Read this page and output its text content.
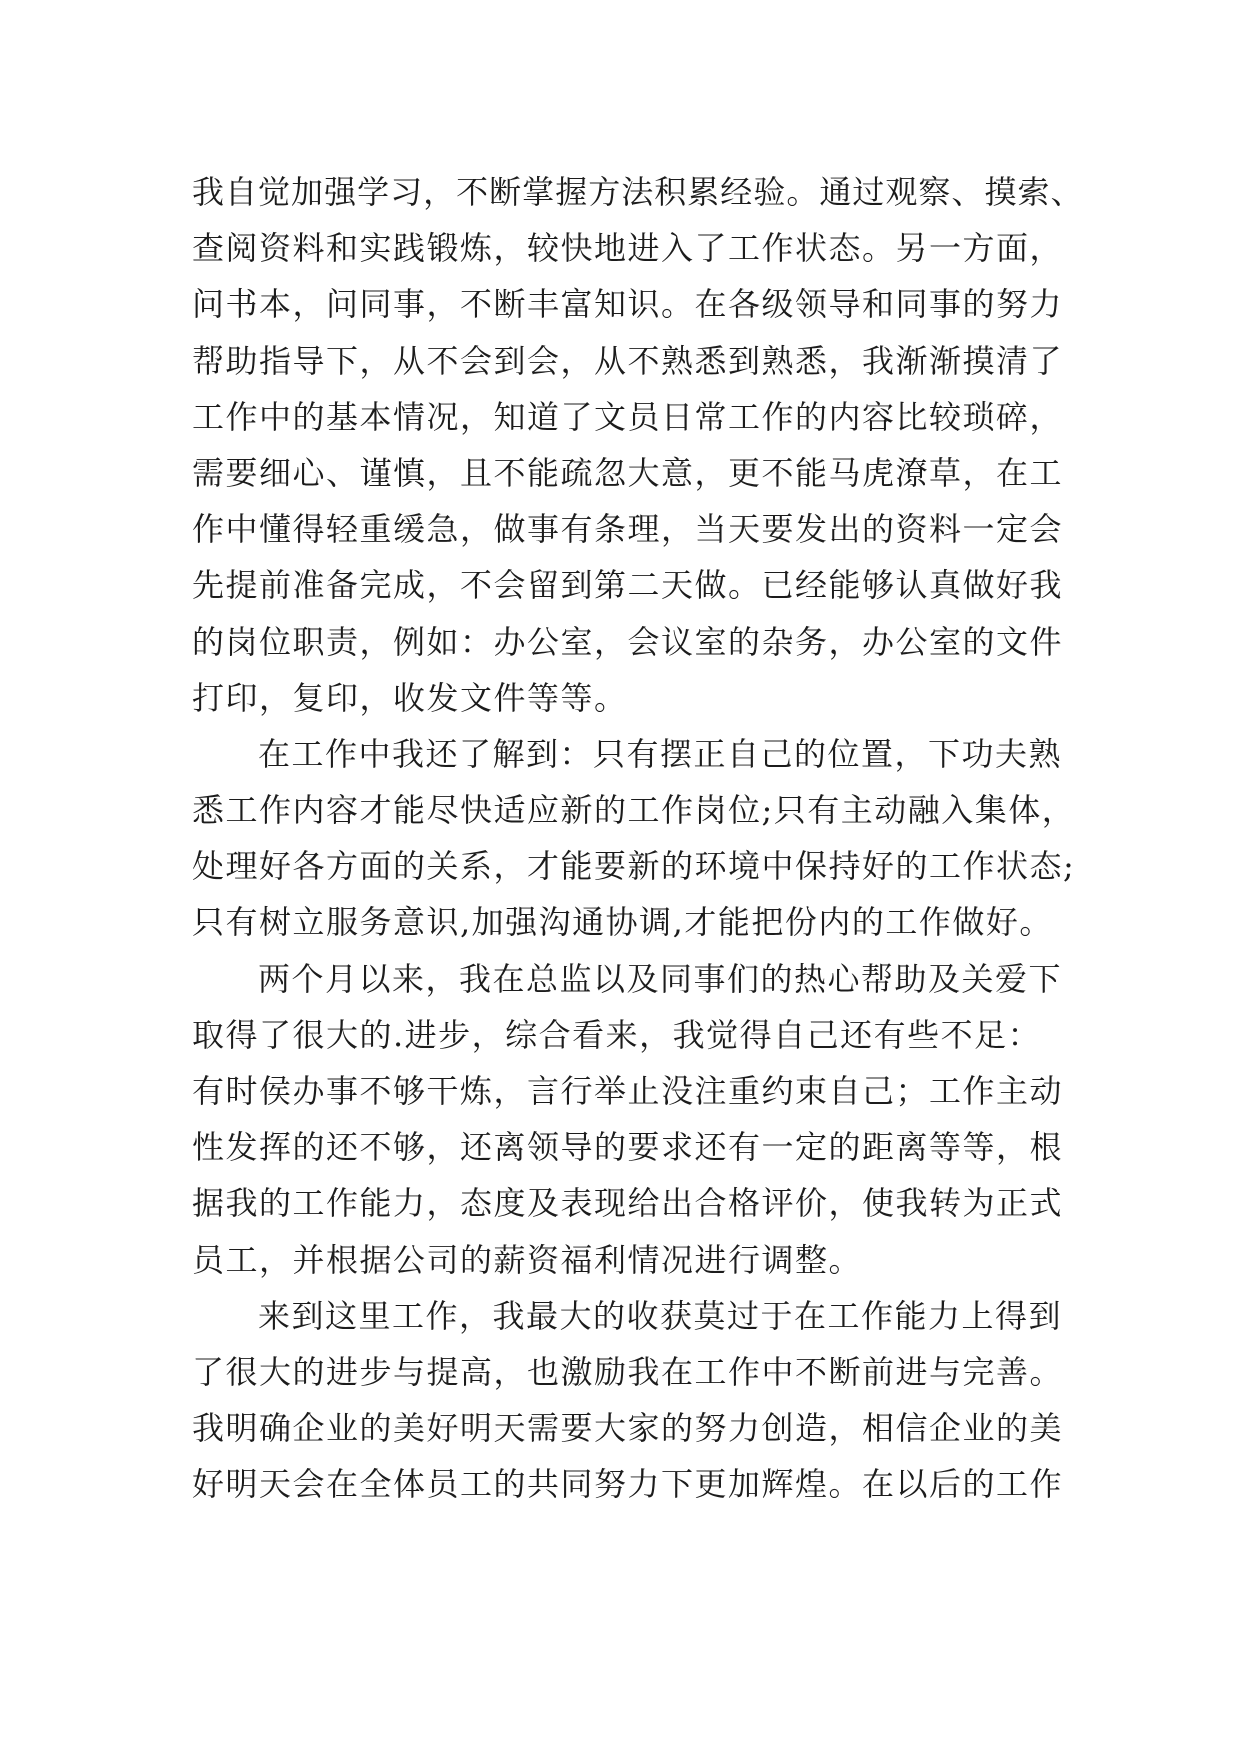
我自觉加强学习，不断掌握方法积累经验。通过观察、摸索、
查阅资料和实践锻炼，较快地进入了工作状态。另一方面，
问书本，问同事，不断丰富知识。在各级领导和同事的努力
帮助指导下，从不会到会，从不熟悉到熟悉，我渐渐摸清了
工作中的基本情况，知道了文员日常工作的内容比较琐碎，
需要细心、谨慎，且不能疏忽大意，更不能马虎潦草，在工
作中懂得轻重缓急，做事有条理，当天要发出的资料一定会
先提前准备完成，不会留到第二天做。已经能够认真做好我
的岗位职责，例如：办公室，会议室的杂务，办公室的文件
打印，复印，收发文件等等。
在工作中我还了解到：只有摆正自己的位置，下功夫熟
悉工作内容才能尽快适应新的工作岗位;只有主动融入集体，
处理好各方面的关系，才能要新的环境中保持好的工作状态;
只有树立服务意识,加强沟通协调,才能把份内的工作做好。
两个月以来，我在总监以及同事们的热心帮助及关爱下
取得了很大的.进步，综合看来，我觉得自己还有些不足：
有时侯办事不够干炼，言行举止没注重约束自己；工作主动
性发挥的还不够，还离领导的要求还有一定的距离等等，根
据我的工作能力，态度及表现给出合格评价，使我转为正式
员工，并根据公司的薪资福利情况进行调整。
来到这里工作，我最大的收获莫过于在工作能力上得到
了很大的进步与提高，也激励我在工作中不断前进与完善。
我明确企业的美好明天需要大家的努力创造，相信企业的美
好明天会在全体员工的共同努力下更加辉煌。在以后的工作
